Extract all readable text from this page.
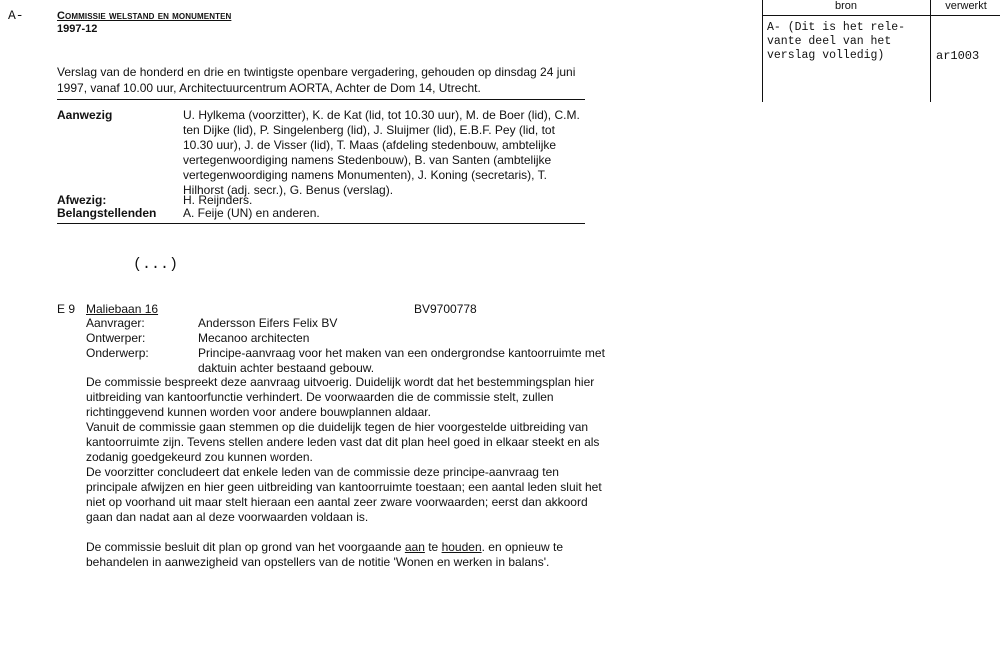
A-	Commissie welstand en monumenten
1997-12
Verslag van de honderd en drie en twintigste openbare vergadering, gehouden op dinsdag 24 juni 1997, vanaf 10.00 uur, Architectuurcentrum AORTA, Achter de Dom 14, Utrecht.
Aanwezig	U. Hylkema (voorzitter), K. de Kat (lid, tot 10.30 uur), M. de Boer (lid), C.M. ten Dijke (lid), P. Singelenberg (lid), J. Sluijmer (lid), E.B.F. Pey (lid, tot 10.30 uur), J. de Visser (lid), T. Maas (afdeling stedenbouw, ambtelijke vertegenwoordiging namens Stedenbouw), B. van Santen (ambtelijke vertegenwoordiging namens Monumenten), J. Koning (secretaris), T. Hilhorst (adj. secr.), G. Benus (verslag).
Afwezig:	H. Reijnders.
Belangstellenden A. Feije (UN) en anderen.
(...)
E 9 Maliebaan 16	BV9700778
Aanvrager:	Andersson Eifers Felix BV
Ontwerper:	Mecanoo architecten
Onderwerp:	Principe-aanvraag voor het maken van een ondergrondse kantoorruimte met daktuin achter bestaand gebouw.

De commissie bespreekt deze aanvraag uitvoerig. Duidelijk wordt dat het bestemmingsplan hier uitbreiding van kantoorfunctie verhindert. De voorwaarden die de commissie stelt, zullen richtinggevend kunnen worden voor andere bouwplannen aldaar.

Vanuit de commissie gaan stemmen op die duidelijk tegen de hier voorgestelde uitbreiding van kantoorruimte zijn. Tevens stellen andere leden vast dat dit plan heel goed in elkaar steekt en als zodanig goedgekeurd zou kunnen worden.

De voorzitter concludeert dat enkele leden van de commissie deze principe-aanvraag ten principale afwijzen en hier geen uitbreiding van kantoorruimte toestaan; een aantal leden sluit het niet op voorhand uit maar stelt hieraan een aantal zeer zware voorwaarden; eerst dan akkoord gaan dan nadat aan al deze voorwaarden voldaan is.

De commissie besluit dit plan op grond van het voorgaande aan te houden. en opnieuw te behandelen in aanwezigheid van opstellers van de notitie 'Wonen en werken in balans'.

bron	verwerkt
A- (Dit is het rele-
vante deel van het
verslag volledig)	ar1003
